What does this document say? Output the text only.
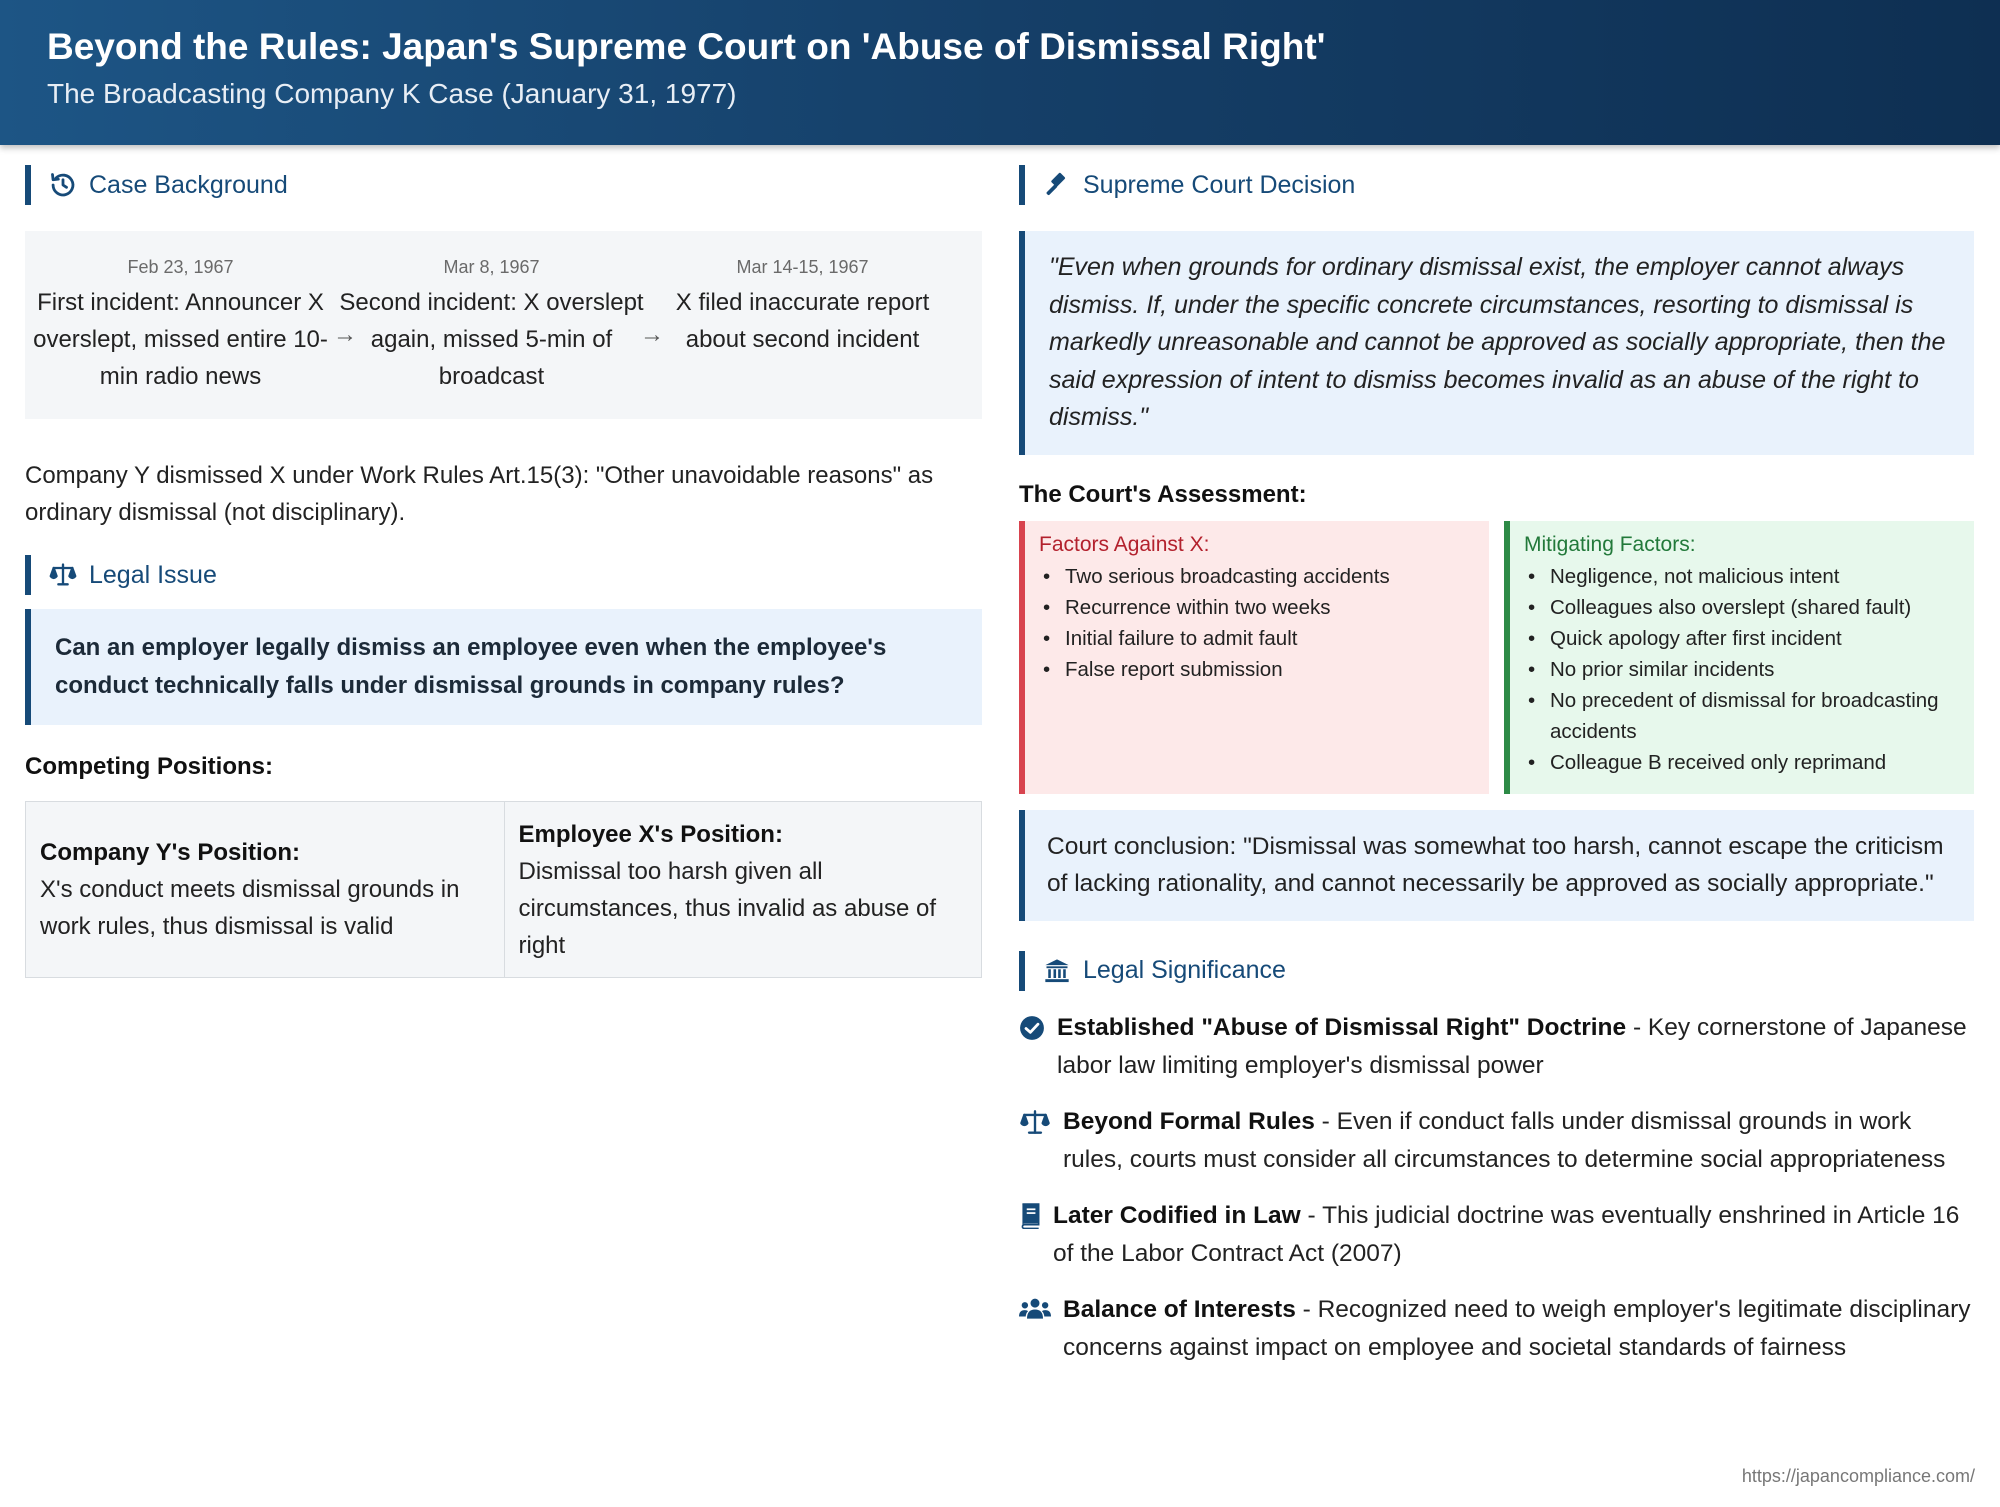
Beyond the Rules: Japan's Supreme Court on 'Abuse of Dismissal Right'
The Broadcasting Company K Case (January 31, 1977)
Case Background
Feb 23, 1967
First incident: Announcer X overslept, missed entire 10-min radio news
Mar 8, 1967
Second incident: X overslept again, missed 5-min of broadcast
Mar 14-15, 1967
X filed inaccurate report about second incident
→	→

Company Y dismissed X under Work Rules Art.15(3): "Other unavoidable reasons" as ordinary dismissal (not disciplinary).

Legal Issue
Can an employer legally dismiss an employee even when the employee's conduct technically falls under dismissal grounds in company rules?
Competing Positions:
Company Y's Position:
X's conduct meets dismissal grounds in work rules, thus dismissal is valid
Employee X's Position:
Dismissal too harsh given all circumstances, thus invalid as abuse of right
Supreme Court Decision
"Even when grounds for ordinary dismissal exist, the employer cannot always dismiss. If, under the specific concrete circumstances, resorting to dismissal is markedly unreasonable and cannot be approved as socially appropriate, then the said expression of intent to dismiss becomes invalid as an abuse of the right to dismiss."
The Court's Assessment:
Factors Against X:
• Two serious broadcasting accidents
• Recurrence within two weeks
• Initial failure to admit fault
• False report submission
Mitigating Factors:
• Negligence, not malicious intent
• Colleagues also overslept (shared fault)
• Quick apology after first incident
• No prior similar incidents
• No precedent of dismissal for broadcasting accidents
• Colleague B received only reprimand
Court conclusion: "Dismissal was somewhat too harsh, cannot escape the criticism of lacking rationality, and cannot necessarily be approved as socially appropriate."
Legal Significance
Established "Abuse of Dismissal Right" Doctrine - Key cornerstone of Japanese labor law limiting employer's dismissal power
Beyond Formal Rules - Even if conduct falls under dismissal grounds in work rules, courts must consider all circumstances to determine social appropriateness
Later Codified in Law - This judicial doctrine was eventually enshrined in Article 16 of the Labor Contract Act (2007)
Balance of Interests - Recognized need to weigh employer's legitimate disciplinary concerns against impact on employee and societal standards of fairness
https://japancompliance.com/
